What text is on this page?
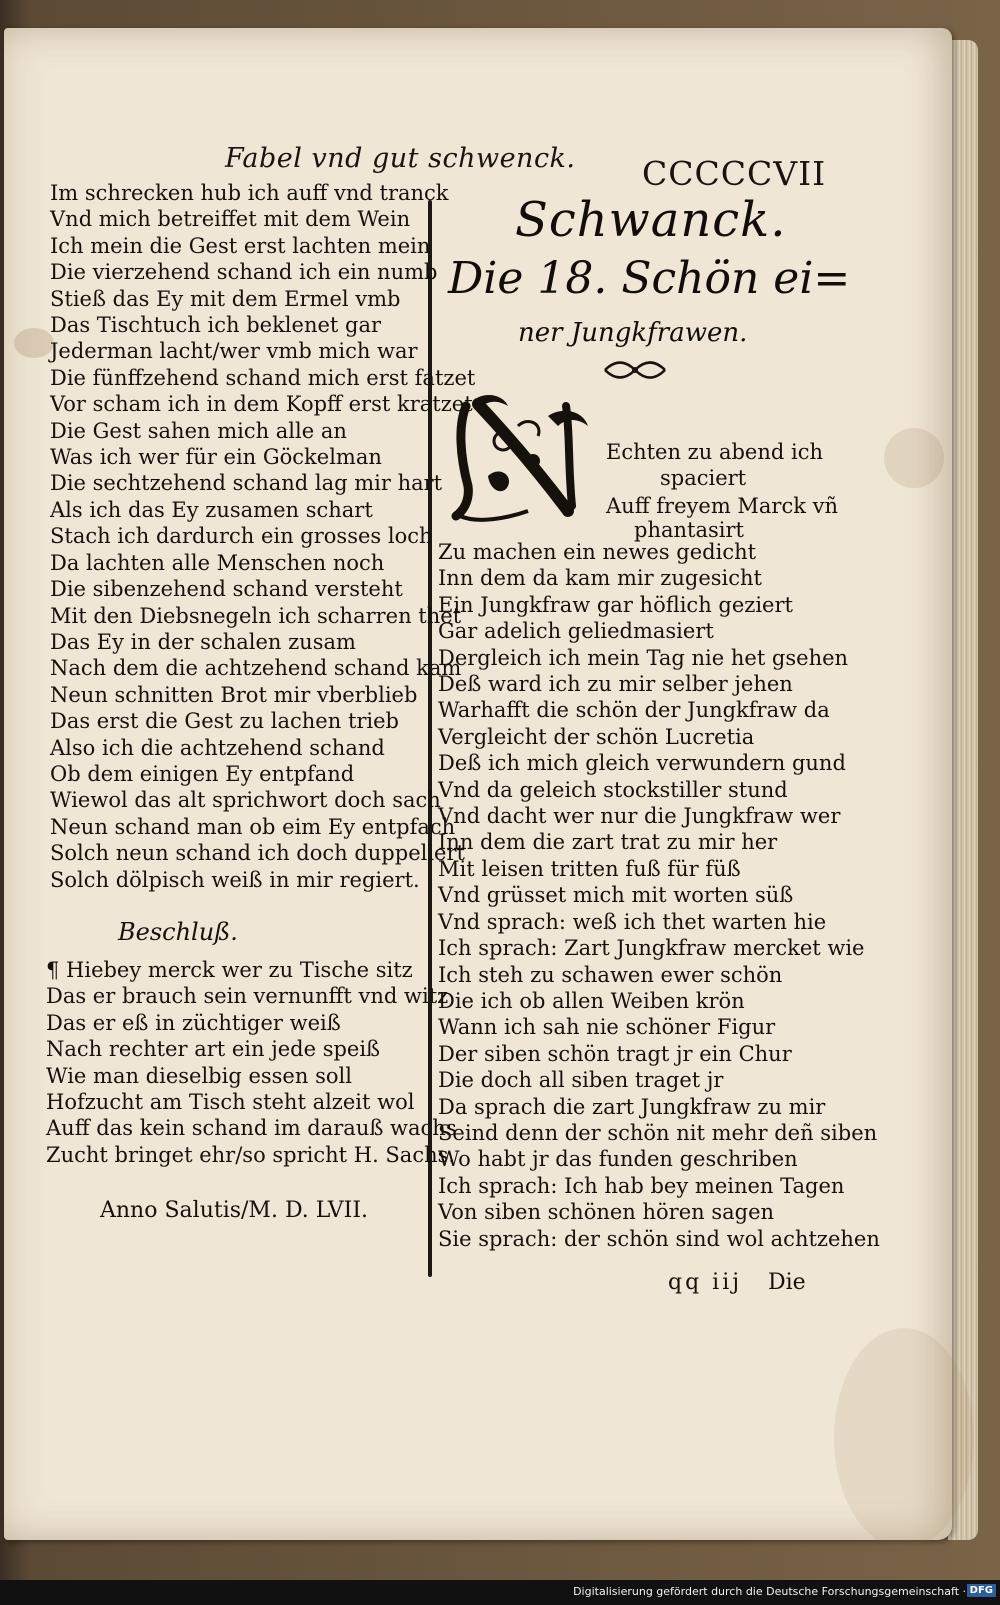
Fabel vnd gut schwenck. CCCCCVII
Im schrecken hub ich auff vnd tranck
Vnd mich betreiffet mit dem Wein
Ich mein die Gest erst lachten mein
Die vierzehend schand ich ein numb
Stieß das Ey mit dem Ermel vmb
Das Tischtuch ich beklenet gar
Jederman lacht/wer vmb mich war
Die fünffzehend schand mich erst fatzet
Vor scham ich in dem Kopff erst kratzet
Die Gest sahen mich alle an
Was ich wer für ein Göckelman
Die sechtzehend schand lag mir hart
Als ich das Ey zusamen schart
Stach ich dardurch ein grosses loch
Da lachten alle Menschen noch
Die sibenzehend schand versteht
Mit den Diebsnegeln ich scharren thet
Das Ey in der schalen zusam
Nach dem die achtzehend schand kam
Neun schnitten Brot mir vberblieb
Das erst die Gest zu lachen trieb
Also ich die achtzehend schand
Ob dem einigen Ey entpfand
Wiewol das alt sprichwort doch sach
Neun schand man ob eim Ey entpfach
Solch neun schand ich doch duppeliert
Solch dölpisch weiß in mir regiert.
Beschluß.
¶ Hiebey merck wer zu Tische sitz
Das er brauch sein vernunfft vnd witz
Das er eß in züchtiger weiß
Nach rechter art ein jede speiß
Wie man dieselbig essen soll
Hofzucht am Tisch steht alzeit wol
Auff das kein schand im darauß wachs
Zucht bringet ehr/so spricht H. Sachs.
Anno Salutis/M. D. LVII.
Schwanck.
Die 18. Schön ei=
ner Jungkfrawen.
Echten zu abend ich
spaciert
Auff freyem Marck vñ
phantasirt
Zu machen ein newes gedicht
Inn dem da kam mir zugesicht
Ein Jungkfraw gar höflich geziert
Gar adelich geliedmasiert
Dergleich ich mein Tag nie het gsehen
Deß ward ich zu mir selber jehen
Warhafft die schön der Jungkfraw da
Vergleicht der schön Lucretia
Deß ich mich gleich verwundern gund
Vnd da geleich stockstiller stund
Vnd dacht wer nur die Jungkfraw wer
Inn dem die zart trat zu mir her
Mit leisen tritten fuß für füß
Vnd grüsset mich mit worten süß
Vnd sprach: weß ich thet warten hie
Ich sprach: Zart Jungkfraw mercket wie
Ich steh zu schawen ewer schön
Die ich ob allen Weiben krön
Wann ich sah nie schöner Figur
Der siben schön tragt jr ein Chur
Die doch all siben traget jr
Da sprach die zart Jungkfraw zu mir
Seind denn der schön nit mehr deñ siben
Wo habt jr das funden geschriben
Ich sprach: Ich hab bey meinen Tagen
Von siben schönen hören sagen
Sie sprach: der schön sind wol achtzehen
qq iij Die
Digitalisierung gefördert durch die Deutsche Forschungsgemeinschaft · DFG
